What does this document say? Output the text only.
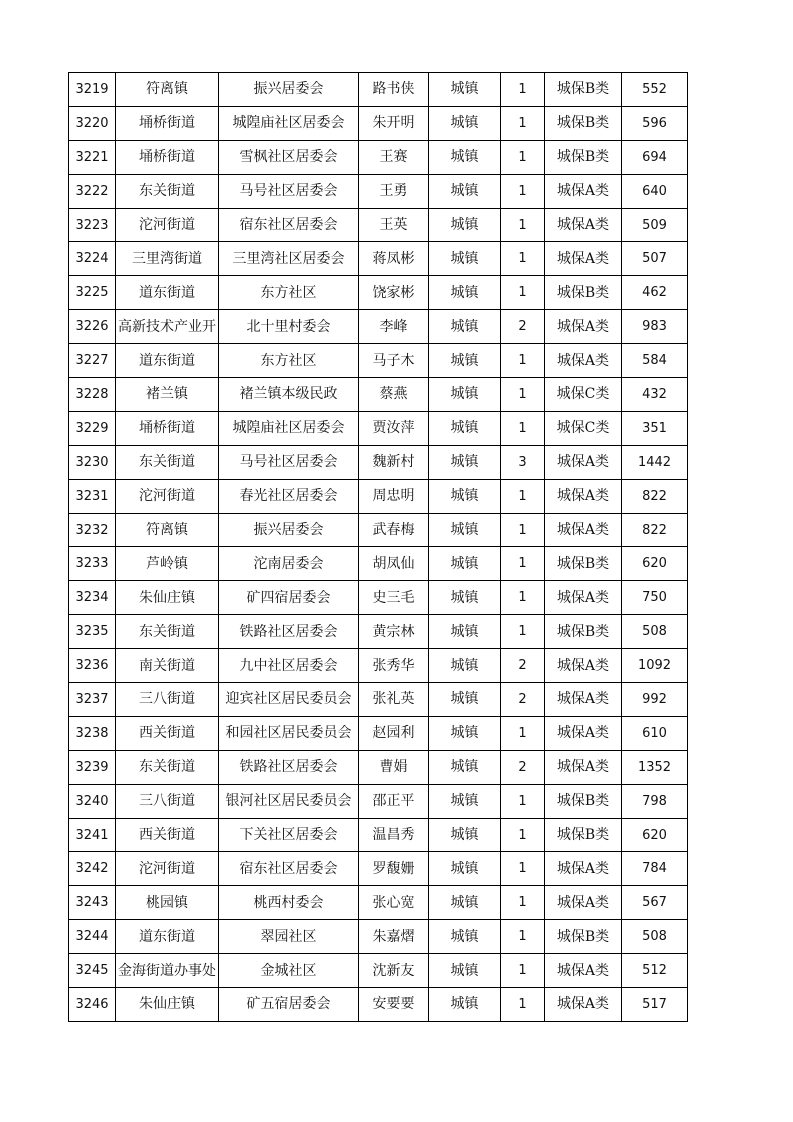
3219	符离镇	振兴居委会	路书侠	城镇	1	城保B类	552
3220	埇桥街道	城隍庙社区居委会	朱开明	城镇	1	城保B类	596
3221	埇桥街道	雪枫社区居委会	王赛	城镇	1	城保B类	694
3222	东关街道	马号社区居委会	王勇	城镇	1	城保A类	640
3223	沱河街道	宿东社区居委会	王英	城镇	1	城保A类	509
3224	三里湾街道	三里湾社区居委会	蒋凤彬	城镇	1	城保A类	507
3225	道东街道	东方社区	饶家彬	城镇	1	城保B类	462
3226	高新技术产业开	北十里村委会	李峰	城镇	2	城保A类	983
3227	道东街道	东方社区	马子木	城镇	1	城保A类	584
3228	褚兰镇	褚兰镇本级民政	蔡燕	城镇	1	城保C类	432
3229	埇桥街道	城隍庙社区居委会	贾汝萍	城镇	1	城保C类	351
3230	东关街道	马号社区居委会	魏新村	城镇	3	城保A类	1442
3231	沱河街道	春光社区居委会	周忠明	城镇	1	城保A类	822
3232	符离镇	振兴居委会	武春梅	城镇	1	城保A类	822
3233	芦岭镇	沱南居委会	胡凤仙	城镇	1	城保B类	620
3234	朱仙庄镇	矿四宿居委会	史三毛	城镇	1	城保A类	750
3235	东关街道	铁路社区居委会	黄宗林	城镇	1	城保B类	508
3236	南关街道	九中社区居委会	张秀华	城镇	2	城保A类	1092
3237	三八街道	迎宾社区居民委员会	张礼英	城镇	2	城保A类	992
3238	西关街道	和园社区居民委员会	赵园利	城镇	1	城保A类	610
3239	东关街道	铁路社区居委会	曹娟	城镇	2	城保A类	1352
3240	三八街道	银河社区居民委员会	邵正平	城镇	1	城保B类	798
3241	西关街道	下关社区居委会	温昌秀	城镇	1	城保B类	620
3242	沱河街道	宿东社区居委会	罗馥姗	城镇	1	城保A类	784
3243	桃园镇	桃西村委会	张心宽	城镇	1	城保A类	567
3244	道东街道	翠园社区	朱嘉熠	城镇	1	城保B类	508
3245	金海街道办事处	金城社区	沈新友	城镇	1	城保A类	512
3246	朱仙庄镇	矿五宿居委会	安要要	城镇	1	城保A类	517
